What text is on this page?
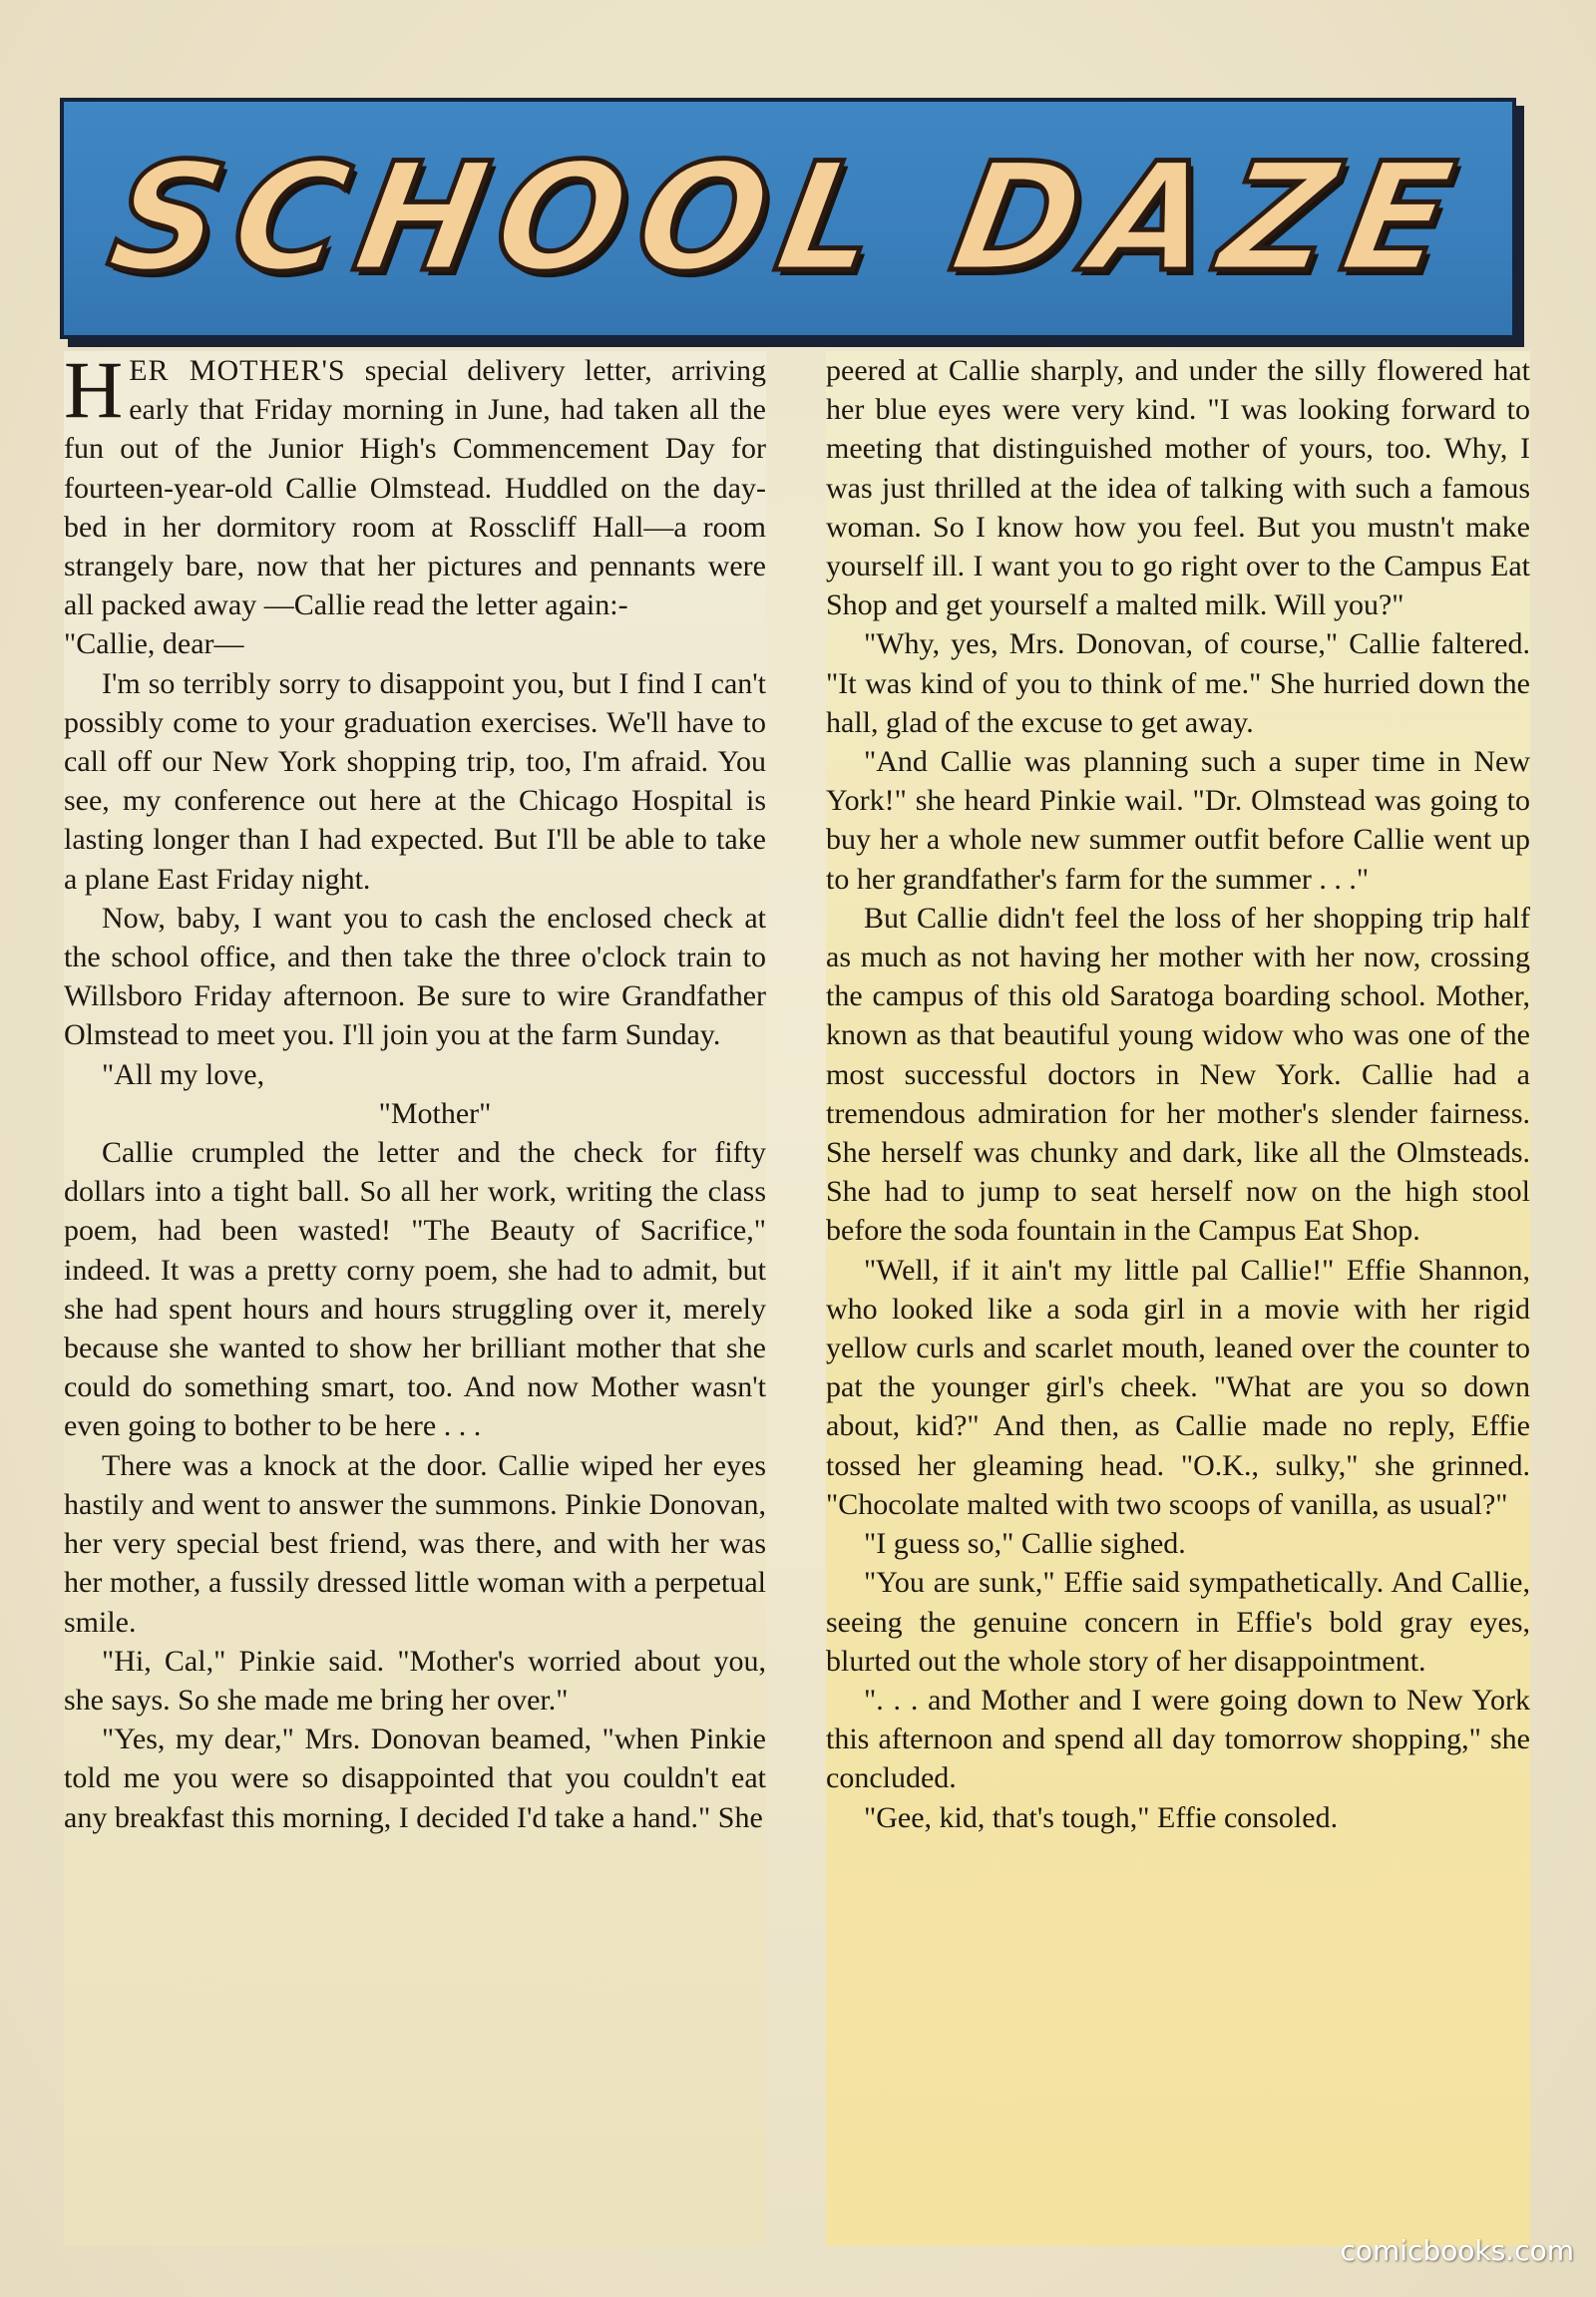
SCHOOL DAZE

HER MOTHER'S special delivery letter, arriving early that Friday morning in June, had taken all the fun out of the Junior High's Commencement Day for fourteen-year-old Callie Olmstead. Huddled on the day-bed in her dormitory room at Rosscliff Hall—a room strangely bare, now that her pictures and pennants were all packed away —Callie read the letter again:-

"Callie, dear—

I'm so terribly sorry to disappoint you, but I find I can't possibly come to your graduation exercises. We'll have to call off our New York shopping trip, too, I'm afraid. You see, my conference out here at the Chicago Hospital is lasting longer than I had expected. But I'll be able to take a plane East Friday night.

Now, baby, I want you to cash the enclosed check at the school office, and then take the three o'clock train to Willsboro Friday afternoon. Be sure to wire Grandfather Olmstead to meet you. I'll join you at the farm Sunday.

"All my love,

"Mother"

Callie crumpled the letter and the check for fifty dollars into a tight ball. So all her work, writing the class poem, had been wasted! "The Beauty of Sacrifice," indeed. It was a pretty corny poem, she had to admit, but she had spent hours and hours struggling over it, merely because she wanted to show her brilliant mother that she could do something smart, too. And now Mother wasn't even going to bother to be here . . .

There was a knock at the door. Callie wiped her eyes hastily and went to answer the summons. Pinkie Donovan, her very special best friend, was there, and with her was her mother, a fussily dressed little woman with a perpetual smile.

"Hi, Cal," Pinkie said. "Mother's worried about you, she says. So she made me bring her over."

"Yes, my dear," Mrs. Donovan beamed, "when Pinkie told me you were so disappointed that you couldn't eat any breakfast this morning, I decided I'd take a hand." She

peered at Callie sharply, and under the silly flowered hat her blue eyes were very kind. "I was looking forward to meeting that distinguished mother of yours, too. Why, I was just thrilled at the idea of talking with such a famous woman. So I know how you feel. But you mustn't make yourself ill. I want you to go right over to the Campus Eat Shop and get yourself a malted milk. Will you?"

"Why, yes, Mrs. Donovan, of course," Callie faltered. "It was kind of you to think of me." She hurried down the hall, glad of the excuse to get away.

"And Callie was planning such a super time in New York!" she heard Pinkie wail. "Dr. Olmstead was going to buy her a whole new summer outfit before Callie went up to her grandfather's farm for the summer . . ."

But Callie didn't feel the loss of her shopping trip half as much as not having her mother with her now, crossing the campus of this old Saratoga boarding school. Mother, known as that beautiful young widow who was one of the most successful doctors in New York. Callie had a tremendous admiration for her mother's slender fairness. She herself was chunky and dark, like all the Olmsteads. She had to jump to seat herself now on the high stool before the soda fountain in the Campus Eat Shop.

"Well, if it ain't my little pal Callie!" Effie Shannon, who looked like a soda girl in a movie with her rigid yellow curls and scarlet mouth, leaned over the counter to pat the younger girl's cheek. "What are you so down about, kid?" And then, as Callie made no reply, Effie tossed her gleaming head. "O.K., sulky," she grinned. "Chocolate malted with two scoops of vanilla, as usual?"

"I guess so," Callie sighed.

"You are sunk," Effie said sympathetically. And Callie, seeing the genuine concern in Effie's bold gray eyes, blurted out the whole story of her disappointment.

". . . and Mother and I were going down to New York this afternoon and spend all day tomorrow shopping," she concluded.

"Gee, kid, that's tough," Effie consoled.

comicbooks.com
